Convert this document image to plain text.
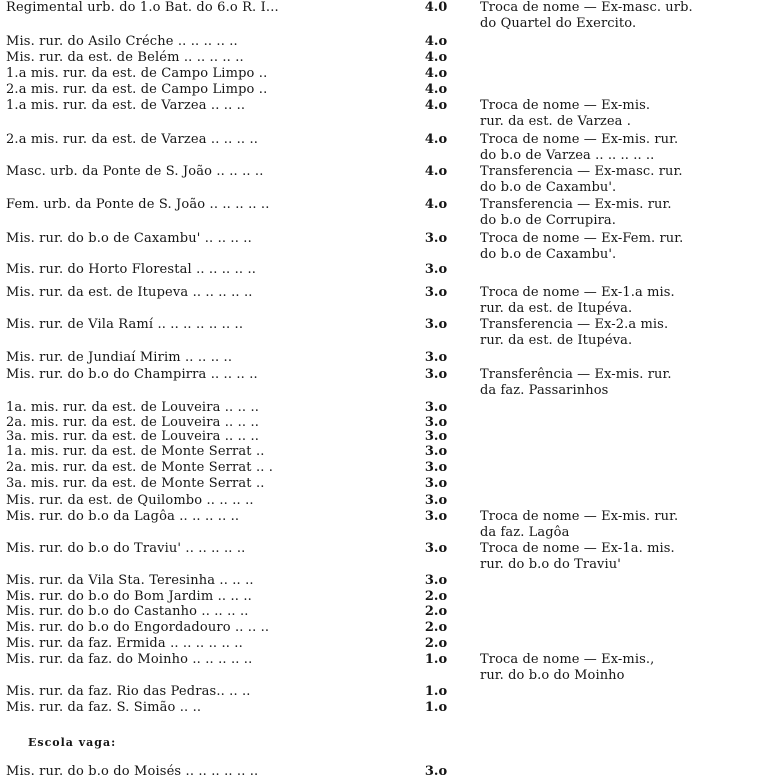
Regimental urb. do 1.o Bat. do 6.o R. I...	4.0	Troca de nome — Ex-masc. urb.
do Quartel do Exercito.
Mis. rur. do Asilo Créche .. .. .. .. ..	4.o
Mis. rur. da est. de Belém .. .. .. .. ..	4.o
1.a mis. rur. da est. de Campo Limpo ..	4.o
2.a mis. rur. da est. de Campo Limpo ..	4.o
1.a mis. rur. da est. de Varzea .. .. ..	4.o	Troca de nome — Ex-mis.
rur. da est. de Varzea .
2.a mis. rur. da est. de Varzea .. .. .. ..	4.o	Troca de nome — Ex-mis. rur.
do b.o de Varzea .. .. .. .. ..
Masc. urb. da Ponte de S. João .. .. .. ..	4.o	Transferencia — Ex-masc. rur.
do b.o de Caxambu'.
Fem. urb. da Ponte de S. João .. .. .. .. ..	4.o	Transferencia — Ex-mis. rur.
do b.o de Corrupira.
Mis. rur. do b.o de Caxambu' .. .. .. ..	3.o	Troca de nome — Ex-Fem. rur.
do b.o de Caxambu'.
Mis. rur. do Horto Florestal .. .. .. .. ..	3.o
Mis. rur. da est. de Itupeva .. .. .. .. ..	3.o	Troca de nome — Ex-1.a mis.
rur. da est. de Itupéva.
Mis. rur. de Vila Ramí .. .. .. .. .. .. ..	3.o	Transferencia — Ex-2.a mis.
rur. da est. de Itupéva.
Mis. rur. de Jundiaí Mirim .. .. .. ..	3.o
Mis. rur. do b.o do Champirra .. .. .. ..	3.o	Transferência — Ex-mis. rur.
da faz. Passarinhos
1a. mis. rur. da est. de Louveira .. .. ..	3.o
2a. mis. rur. da est. de Louveira .. .. ..	3.o
3a. mis. rur. da est. de Louveira .. .. ..	3.o
1a. mis. rur. da est. de Monte Serrat ..	3.o
2a. mis. rur. da est. de Monte Serrat .. .	3.o
3a. mis. rur. da est. de Monte Serrat ..	3.o
Mis. rur. da est. de Quilombo .. .. .. ..	3.o
Mis. rur. do b.o da Lagôa .. .. .. .. ..	3.o	Troca de nome — Ex-mis. rur.
da faz. Lagôa
Mis. rur. do b.o do Traviu' .. .. .. .. ..	3.o	Troca de nome — Ex-1a. mis.
rur. do b.o do Traviu'
Mis. rur. da Vila Sta. Teresinha .. .. ..	3.o
Mis. rur. do b.o do Bom Jardim .. .. ..	2.o
Mis. rur. do b.o do Castanho .. .. .. ..	2.o
Mis. rur. do b.o do Engordadouro .. .. ..	2.o
Mis. rur. da faz. Ermida .. .. .. .. .. ..	2.o
Mis. rur. da faz. do Moinho .. .. .. .. ..	1.o	Troca de nome — Ex-mis.,
rur. do b.o do Moinho
Mis. rur. da faz. Rio das Pedras.. .. ..	1.o
Mis. rur. da faz. S. Simão .. ..	1.o
Escola vaga:
Mis. rur. do b.o do Moisés .. .. .. .. .. ..	3.o
